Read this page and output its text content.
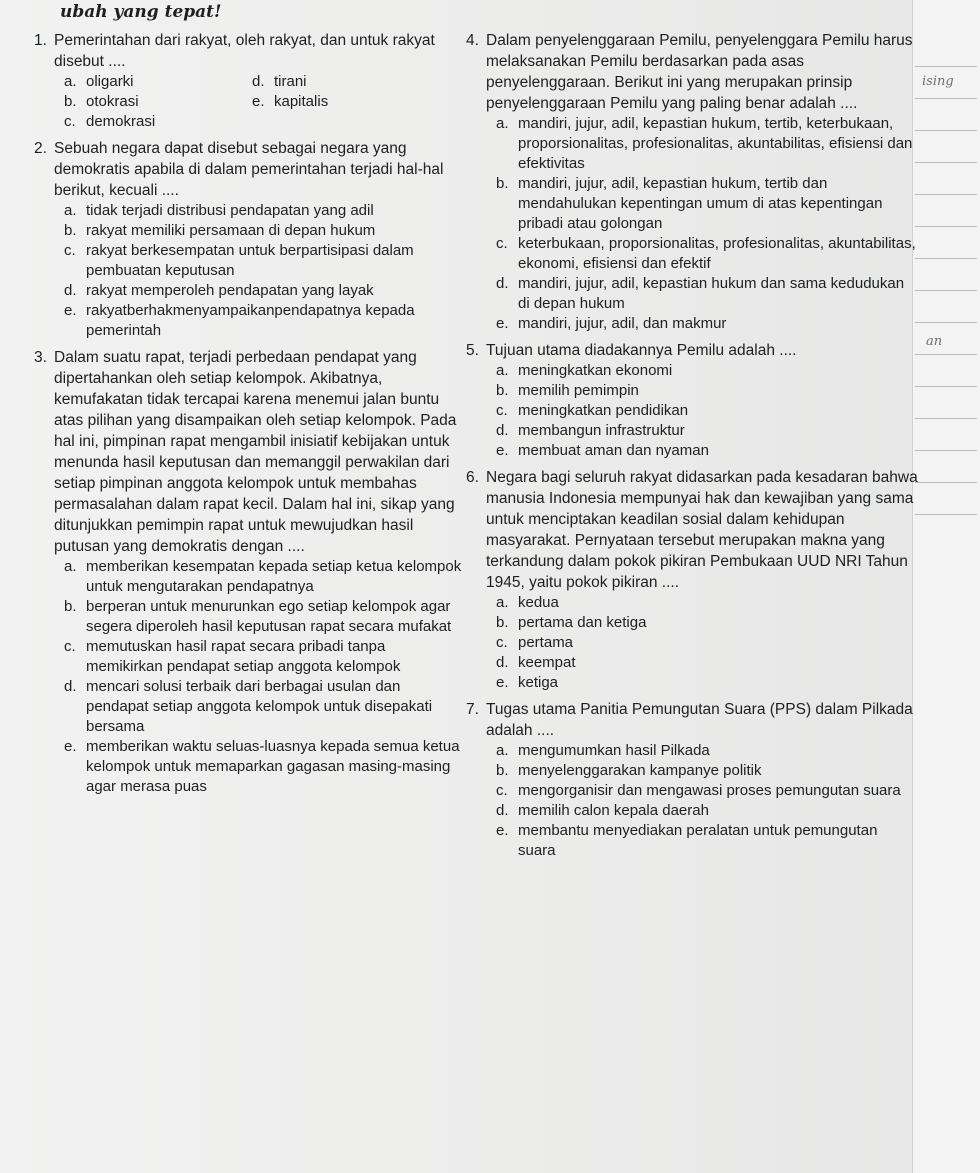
ising
an
ubah yang tepat!
1. Pemerintahan dari rakyat, oleh rakyat, dan untuk rakyat disebut ....
a. oligarki	d. tirani
b. otokrasi	e. kapitalis
c. demokrasi
2. Sebuah negara dapat disebut sebagai negara yang demokratis apabila di dalam pemerintahan terjadi hal-hal berikut, kecuali ....
a. tidak terjadi distribusi pendapatan yang adil
b. rakyat memiliki persamaan di depan hukum
c. rakyat berkesempatan untuk berpartisipasi dalam pembuatan keputusan
d. rakyat memperoleh pendapatan yang layak
e. rakyatberhakmenyampaikanpendapatnya kepada pemerintah
3. Dalam suatu rapat, terjadi perbedaan pendapat yang dipertahankan oleh setiap kelompok. Akibatnya, kemufakatan tidak tercapai karena menemui jalan buntu atas pilihan yang disampaikan oleh setiap kelompok. Pada hal ini, pimpinan rapat mengambil inisiatif kebijakan untuk menunda hasil keputusan dan memanggil perwakilan dari setiap pimpinan anggota kelompok untuk membahas permasalahan dalam rapat kecil. Dalam hal ini, sikap yang ditunjukkan pemimpin rapat untuk mewujudkan hasil putusan yang demokratis dengan ....
a. memberikan kesempatan kepada setiap ketua kelompok untuk mengutarakan pendapatnya
b. berperan untuk menurunkan ego setiap kelompok agar segera diperoleh hasil keputusan rapat secara mufakat
c. memutuskan hasil rapat secara pribadi tanpa memikirkan pendapat setiap anggota kelompok
d. mencari solusi terbaik dari berbagai usulan dan pendapat setiap anggota kelompok untuk disepakati bersama
e. memberikan waktu seluas-luasnya kepada semua ketua kelompok untuk memaparkan gagasan masing-masing agar merasa puas
4. Dalam penyelenggaraan Pemilu, penyelenggara Pemilu harus melaksanakan Pemilu berdasarkan pada asas penyelenggaraan. Berikut ini yang merupakan prinsip penyelenggaraan Pemilu yang paling benar adalah ....
a. mandiri, jujur, adil, kepastian hukum, tertib, keterbukaan, proporsionalitas, profesionalitas, akuntabilitas, efisiensi dan efektivitas
b. mandiri, jujur, adil, kepastian hukum, tertib dan mendahulukan kepentingan umum di atas kepentingan pribadi atau golongan
c. keterbukaan, proporsionalitas, profesionalitas, akuntabilitas, ekonomi, efisiensi dan efektif
d. mandiri, jujur, adil, kepastian hukum dan sama kedudukan di depan hukum
e. mandiri, jujur, adil, dan makmur
5. Tujuan utama diadakannya Pemilu adalah ....
a. meningkatkan ekonomi
b. memilih pemimpin
c. meningkatkan pendidikan
d. membangun infrastruktur
e. membuat aman dan nyaman
6. Negara bagi seluruh rakyat didasarkan pada kesadaran bahwa manusia Indonesia mempunyai hak dan kewajiban yang sama untuk menciptakan keadilan sosial dalam kehidupan masyarakat. Pernyataan tersebut merupakan makna yang terkandung dalam pokok pikiran Pembukaan UUD NRI Tahun 1945, yaitu pokok pikiran ....
a. kedua
b. pertama dan ketiga
c. pertama
d. keempat
e. ketiga
7. Tugas utama Panitia Pemungutan Suara (PPS) dalam Pilkada adalah ....
a. mengumumkan hasil Pilkada
b. menyelenggarakan kampanye politik
c. mengorganisir dan mengawasi proses pemungutan suara
d. memilih calon kepala daerah
e. membantu menyediakan peralatan untuk pemungutan suara
